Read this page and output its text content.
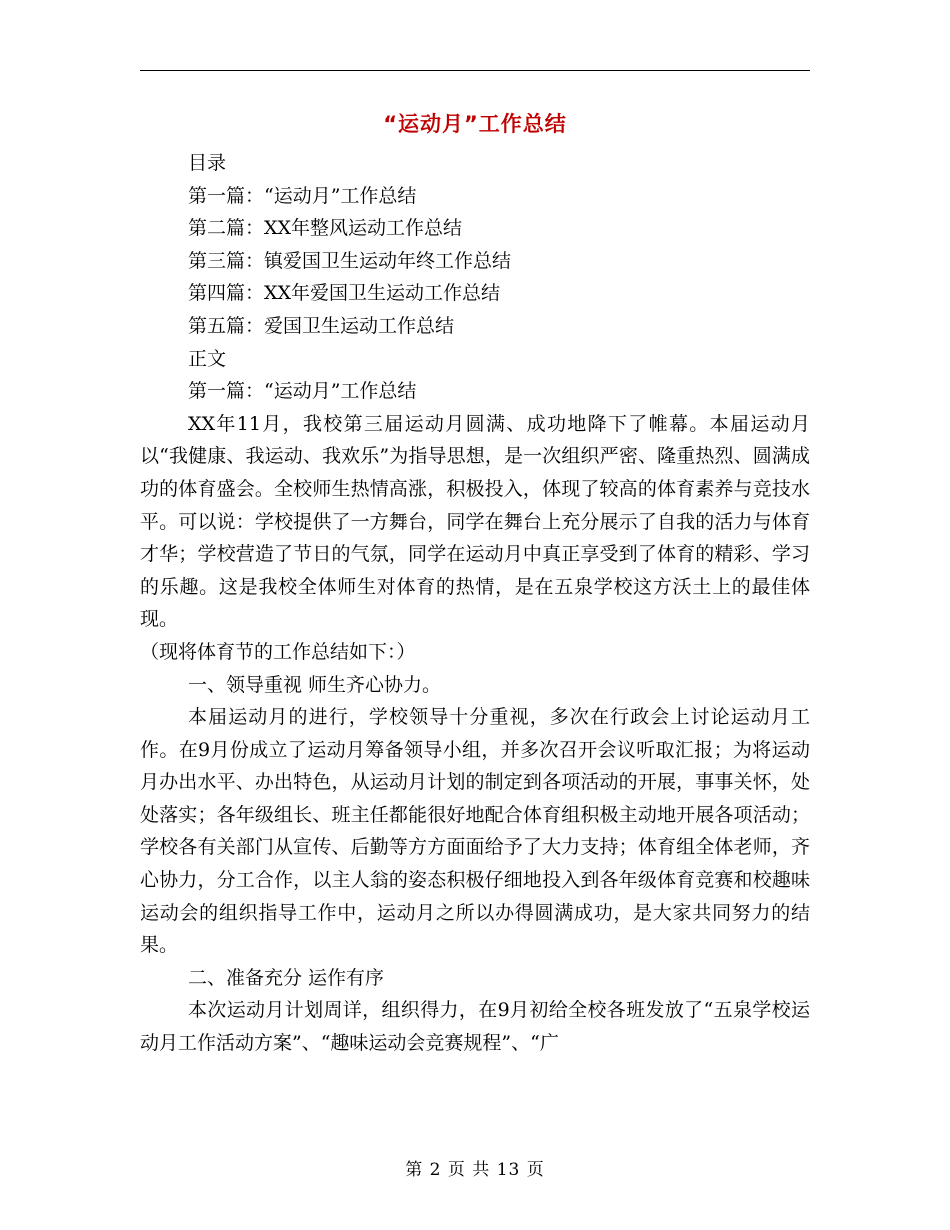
“运动月”工作总结
目录
第一篇：“运动月”工作总结
第二篇：XX年整风运动工作总结
第三篇：镇爱国卫生运动年终工作总结
第四篇：XX年爱国卫生运动工作总结
第五篇：爱国卫生运动工作总结
正文
第一篇：“运动月”工作总结
XX年11月，我校第三届运动月圆满、成功地降下了帷幕。本届运动月以“我健康、我运动、我欢乐”为指导思想，是一次组织严密、隆重热烈、圆满成功的体育盛会。全校师生热情高涨，积极投入，体现了较高的体育素养与竞技水平。可以说：学校提供了一方舞台，同学在舞台上充分展示了自我的活力与体育才华；学校营造了节日的气氛，同学在运动月中真正享受到了体育的精彩、学习的乐趣。这是我校全体师生对体育的热情，是在五泉学校这方沃土上的最佳体现。
（现将体育节的工作总结如下：）
一、领导重视 师生齐心协力。
本届运动月的进行，学校领导十分重视，多次在行政会上讨论运动月工作。在9月份成立了运动月筹备领导小组，并多次召开会议听取汇报；为将运动月办出水平、办出特色，从运动月计划的制定到各项活动的开展，事事关怀，处处落实；各年级组长、班主任都能很好地配合体育组积极主动地开展各项活动；学校各有关部门从宣传、后勤等方方面面给予了大力支持；体育组全体老师，齐心协力，分工合作，以主人翁的姿态积极仔细地投入到各年级体育竞赛和校趣味运动会的组织指导工作中，运动月之所以办得圆满成功，是大家共同努力的结果。
二、准备充分 运作有序
本次运动月计划周详，组织得力，在9月初给全校各班发放了“五泉学校运动月工作活动方案”、“趣味运动会竞赛规程”、“广
第 2 页 共 13 页
